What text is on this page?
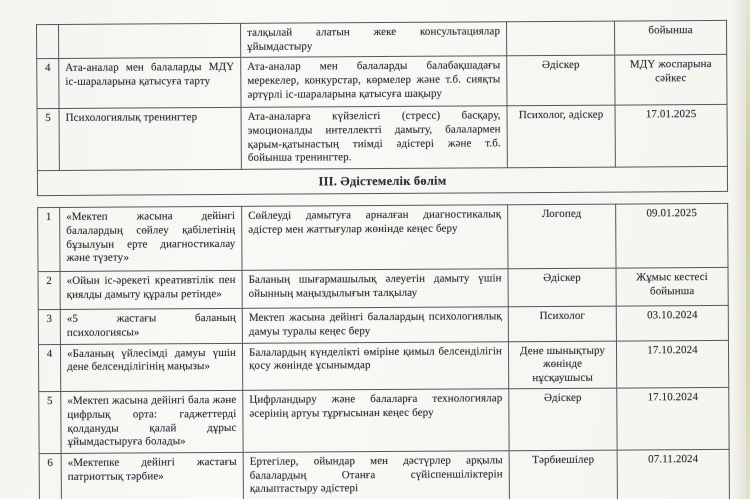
		талқылай алатын жеке консультациялар ұйымдастыру		бойынша
4	Ата-аналар мен балаларды МДҮ іс-шараларына қатысуға тарту	Ата-аналар мен балаларды балабақшадағы мерекелер, конкурстар, көрмелер және т.б. сияқты әртүрлі іс-шараларына қатысуға шақыру	Әдіскер	МДҮ жоспарына сәйкес
5	Психологиялық тренингтер	Ата-аналарға күйзелісті (стресс) басқару, эмоционалды интеллектті дамыту, балалармен қарым-қатынастың тиімді әдістері және т.б. бойынша тренингтер.	Психолог, әдіскер	17.01.2025
III. Әдістемелік бөлім				
1	«Мектеп жасына дейінгі балалардың сөйлеу қабілетінің бұзылуын ерте диагностикалау және түзету»	Сөйлеуді дамытуға арналған диагностикалық әдістер мен жаттығулар жөнінде кеңес беру	Логопед	09.01.2025
2	«Ойын іс-әрекеті креативтілік пен қиялды дамыту құралы ретінде»	Баланың шығармашылық әлеуетін дамыту үшін ойынның маңыздылығын талқылау	Әдіскер	Жұмыс кестесі бойынша
3	«5 жастағы баланың психологиясы»	Мектеп жасына дейінгі балалардың психологиялық дамуы туралы кеңес беру	Психолог	03.10.2024
4	«Баланың үйлесімді дамуы үшін дене белсенділігінің маңызы»	Балалардың күнделікті өміріне қимыл белсенділігін қосу жөнінде ұсынымдар	Дене шынықтыру жөнінде нұсқаушысы	17.10.2024
5	«Мектеп жасына дейінгі бала және цифрлық орта: гаджеттерді қолдануды қалай дұрыс ұйымдастыруға болады»	Цифрландыру және балаларға технологиялар әсерінің артуы тұрғысынан кеңес беру	Әдіскер	17.10.2024
6	«Мектепке дейінгі жастағы патриоттық тәрбие»	Ертегілер, ойындар мен дәстүрлер арқылы балалардың Отанға сүйіспеншіліктерін қалыптастыру әдістері	Тәрбиешілер	07.11.2024
